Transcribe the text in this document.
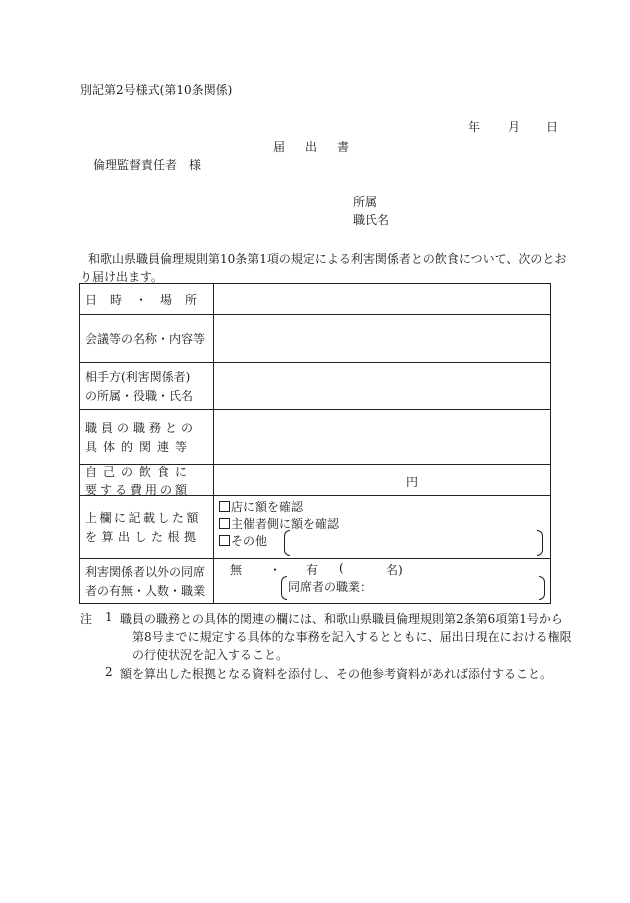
別記第2号様式(第10条関係)
年 月 日
届 出 書
倫理監督責任者　様
所属
職氏名
和歌山県職員倫理規則第10条第1項の規定による利害関係者との飲食について、次のとお
り届け出ます。
日　時　・　場　所
会議等の名称・内容等
相手方(利害関係者)
の所属・役職・氏名
職員の職務との
具体的関連等
自己の飲食に
要する費用の額
円
上欄に記載した額
を算出した根拠
店に額を確認
主催者側に額を確認
その他
利害関係者以外の同席
者の有無・人数・職業
無 ・ 有 (	名)
同席者の職業：
注 1 職員の職務との具体的関連の欄には、和歌山県職員倫理規則第2条第6項第1号から
第8号までに規定する具体的な事務を記入するとともに、届出日現在における権限
の行使状況を記入すること。
2 額を算出した根拠となる資料を添付し、その他参考資料があれば添付すること。
